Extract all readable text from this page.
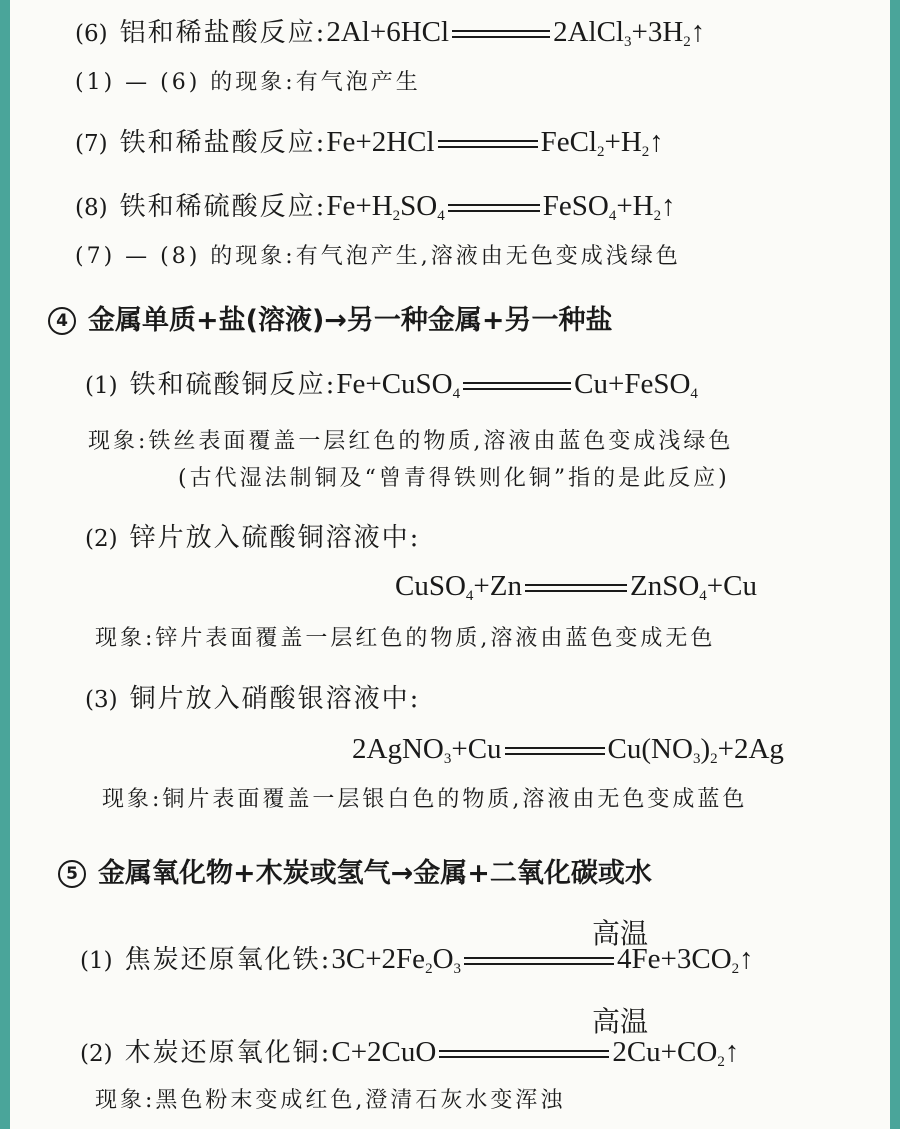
(6) 铝和稀盐酸反应:2Al+6HCl	$2AlCl_3+3H_2↑$
(1) — (6) 的现象:有气泡产生
(7) 铁和稀盐酸反应:Fe+2HCl	$FeCl_2+H_2↑$
(8) 铁和稀硫酸反应$:Fe+H_2SO_4$	$FeSO_4+H_2↑$
(7) — (8) 的现象:有气泡产生,溶液由无色变成浅绿色
4 金属单质+盐(溶液)→另一种金属+另一种盐
(1) 铁和硫酸铜反应:Fe+CuSO$_4$	Cu+FeSO$_4$
现象:铁丝表面覆盖一层红色的物质,溶液由蓝色变成浅绿色
(古代湿法制铜及“曾青得铁则化铜”指的是此反应)
(2) 锌片放入硫酸铜溶液中:
CuSO$_4$+Zn	ZnSO$_4$+Cu
现象:锌片表面覆盖一层红色的物质,溶液由蓝色变成无色
(3) 铜片放入硝酸银溶液中:
2AgNO$_3$+Cu	$Cu(NO_3)_2+2Ag$
现象:铜片表面覆盖一层银白色的物质,溶液由无色变成蓝色
5 金属氧化物+木炭或氢气→金属+二氧化碳或水
高温
(1) 焦炭还原氧化铁$:3C+2Fe_2O_3$	$4Fe+3CO_2↑$
高温
(2) 木炭还原氧化铜:C+2CuO	$2Cu+CO_2↑$
现象:黑色粉末变成红色,澄清石灰水变浑浊
